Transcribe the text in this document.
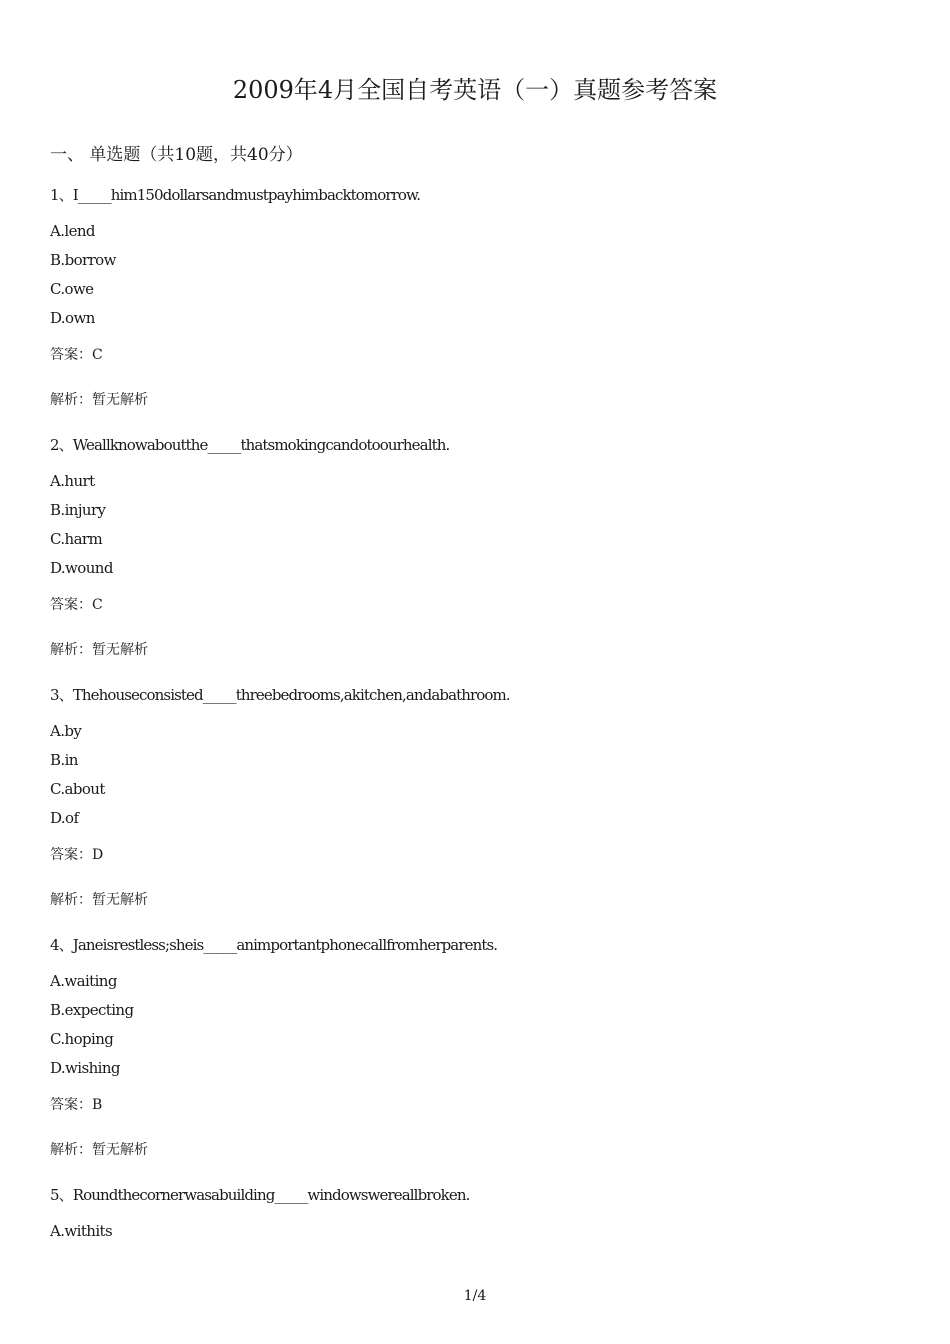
2009年4月全国自考英语（一）真题参考答案
一、 单选题（共10题，共40分）
1、I_____him150dollarsandmustpayhimbacktomorrow.
A.lend
B.borrow
C.owe
D.own
答案：C
解析：暂无解析
2、Weallknowaboutthe_____thatsmokingcandotoourhealth.
A.hurt
B.injury
C.harm
D.wound
答案：C
解析：暂无解析
3、Thehouseconsisted_____threebedrooms,akitchen,andabathroom.
A.by
B.in
C.about
D.of
答案：D
解析：暂无解析
4、Janeisrestless;sheis_____animportantphonecallfromherparents.
A.waiting
B.expecting
C.hoping
D.wishing
答案：B
解析：暂无解析
5、Roundthecornerwasabuilding_____windowswereallbroken.
A.withits
1/4
